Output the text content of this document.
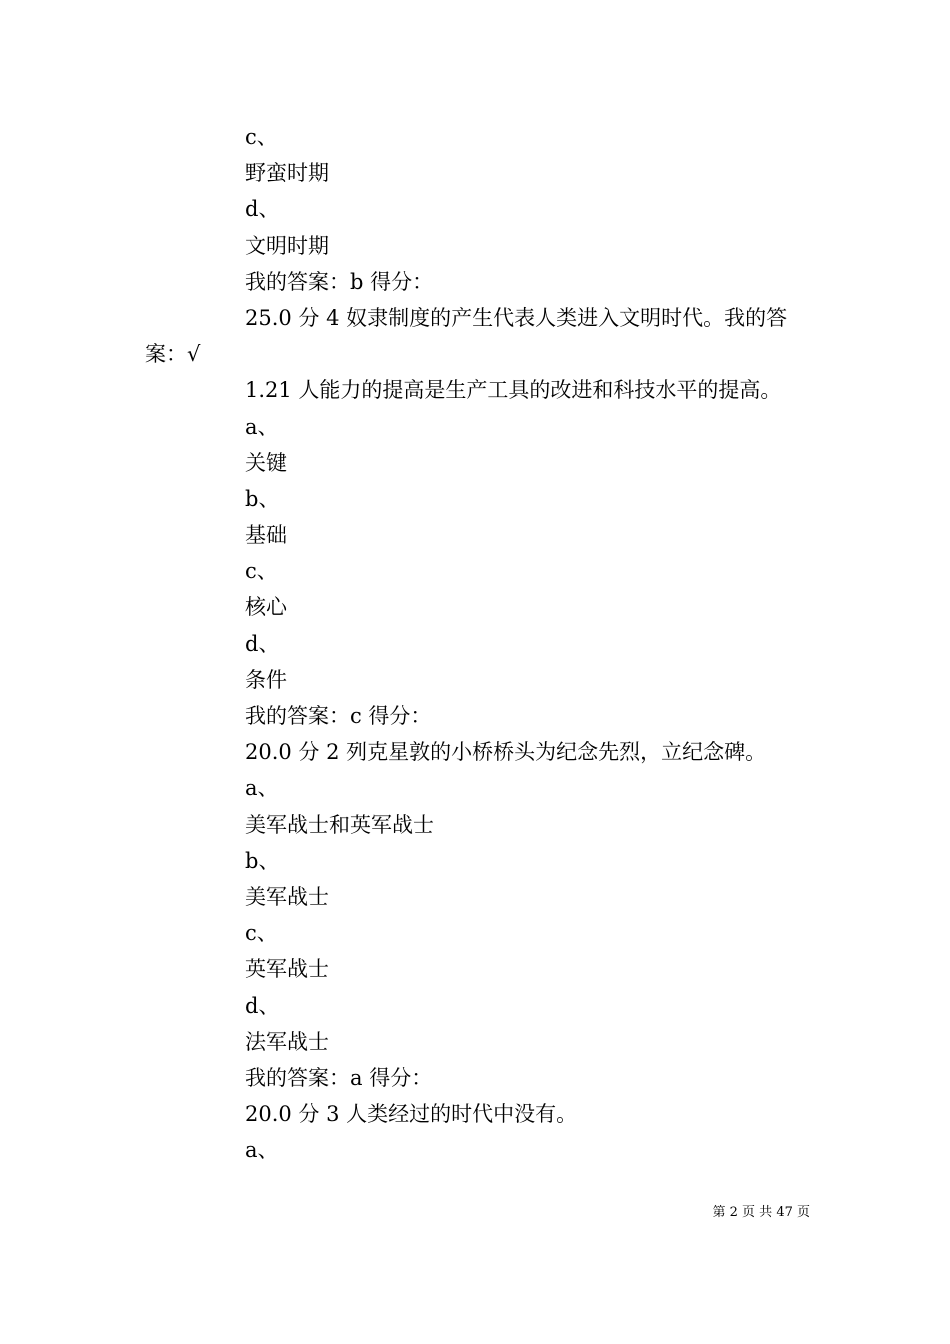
c、
野蛮时期
d、
文明时期
我的答案：b 得分：
25.0 分 4 奴隶制度的产生代表人类进入文明时代。我的答
案：√
1.21 人能力的提高是生产工具的改进和科技水平的提高。
a、
关键
b、
基础
c、
核心
d、
条件
我的答案：c 得分：
20.0 分 2 列克星敦的小桥桥头为纪念先烈，立纪念碑。
a、
美军战士和英军战士
b、
美军战士
c、
英军战士
d、
法军战士
我的答案：a 得分：
20.0 分 3 人类经过的时代中没有。
a、
第 2 页 共 47 页
